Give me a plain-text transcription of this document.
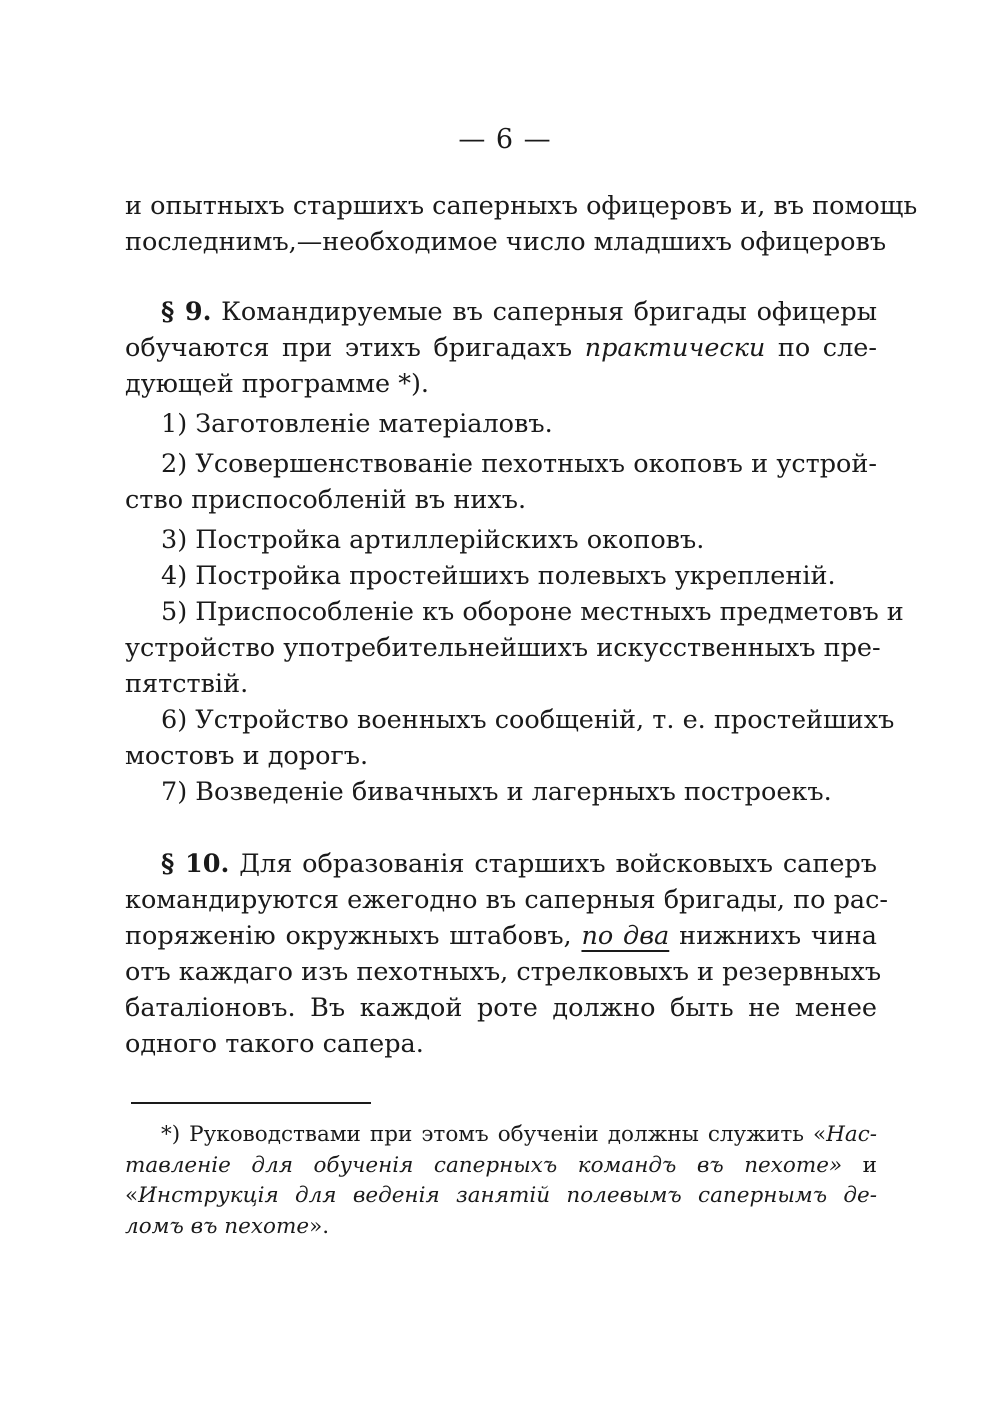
— 6 —
и опытныхъ старшихъ саперныхъ офицеровъ и, въ помощь
последнимъ,—необходимое число младшихъ офицеровъ
§ 9. Командируемые въ саперныя бригады офицеры
обучаются при этихъ бригадахъ практически по сле-
дующей программе *).
1) Заготовленіе матеріаловъ.
2) Усовершенствованіе пехотныхъ окоповъ и устрой-
ство приспособленій въ нихъ.
3) Постройка артиллерійскихъ окоповъ.
4) Постройка простейшихъ полевыхъ укрепленій.
5) Приспособленіе къ обороне местныхъ предметовъ и
устройство употребительнейшихъ искусственныхъ пре-
пятствій.
6) Устройство военныхъ сообщеній, т. е. простейшихъ
мостовъ и дорогъ.
7) Возведеніе бивачныхъ и лагерныхъ построекъ.
§ 10. Для образованія старшихъ войсковыхъ саперъ
командируются ежегодно въ саперныя бригады, по рас-
поряженію окружныхъ штабовъ, по два нижнихъ чина
отъ каждаго изъ пехотныхъ, стрелковыхъ и резервныхъ
баталіоновъ. Въ каждой роте должно быть не менее
одного такого сапера.
*) Руководствами при этомъ обученіи должны служить «Нас-
тавленіе для обученія саперныхъ командъ въ пехоте» и
«Инструкція для веденія занятій полевымъ сапернымъ де-
ломъ въ пехоте».
